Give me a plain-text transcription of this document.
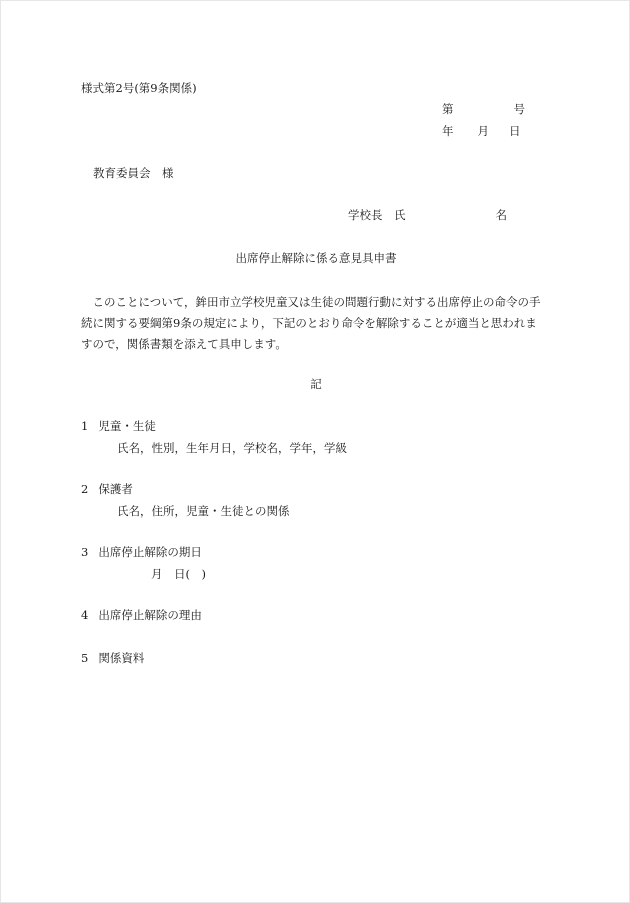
様式第2号(第9条関係)
第	号
年 月 日
教育委員会　様
学校長　氏	名
出席停止解除に係る意見具申書

　このことについて，鉾田市立学校児童又は生徒の問題行動に対する出席停止の命令の手

続に関する要綱第9条の規定により，下記のとおり命令を解除することが適当と思われま

すので，関係書類を添えて具申します。

記
1 児童・生徒
氏名，性別，生年月日，学校名，学年，学級
2 保護者
氏名，住所，児童・生徒との関係
3 出席停止解除の期日
月　日(　)
4 出席停止解除の理由
5 関係資料
